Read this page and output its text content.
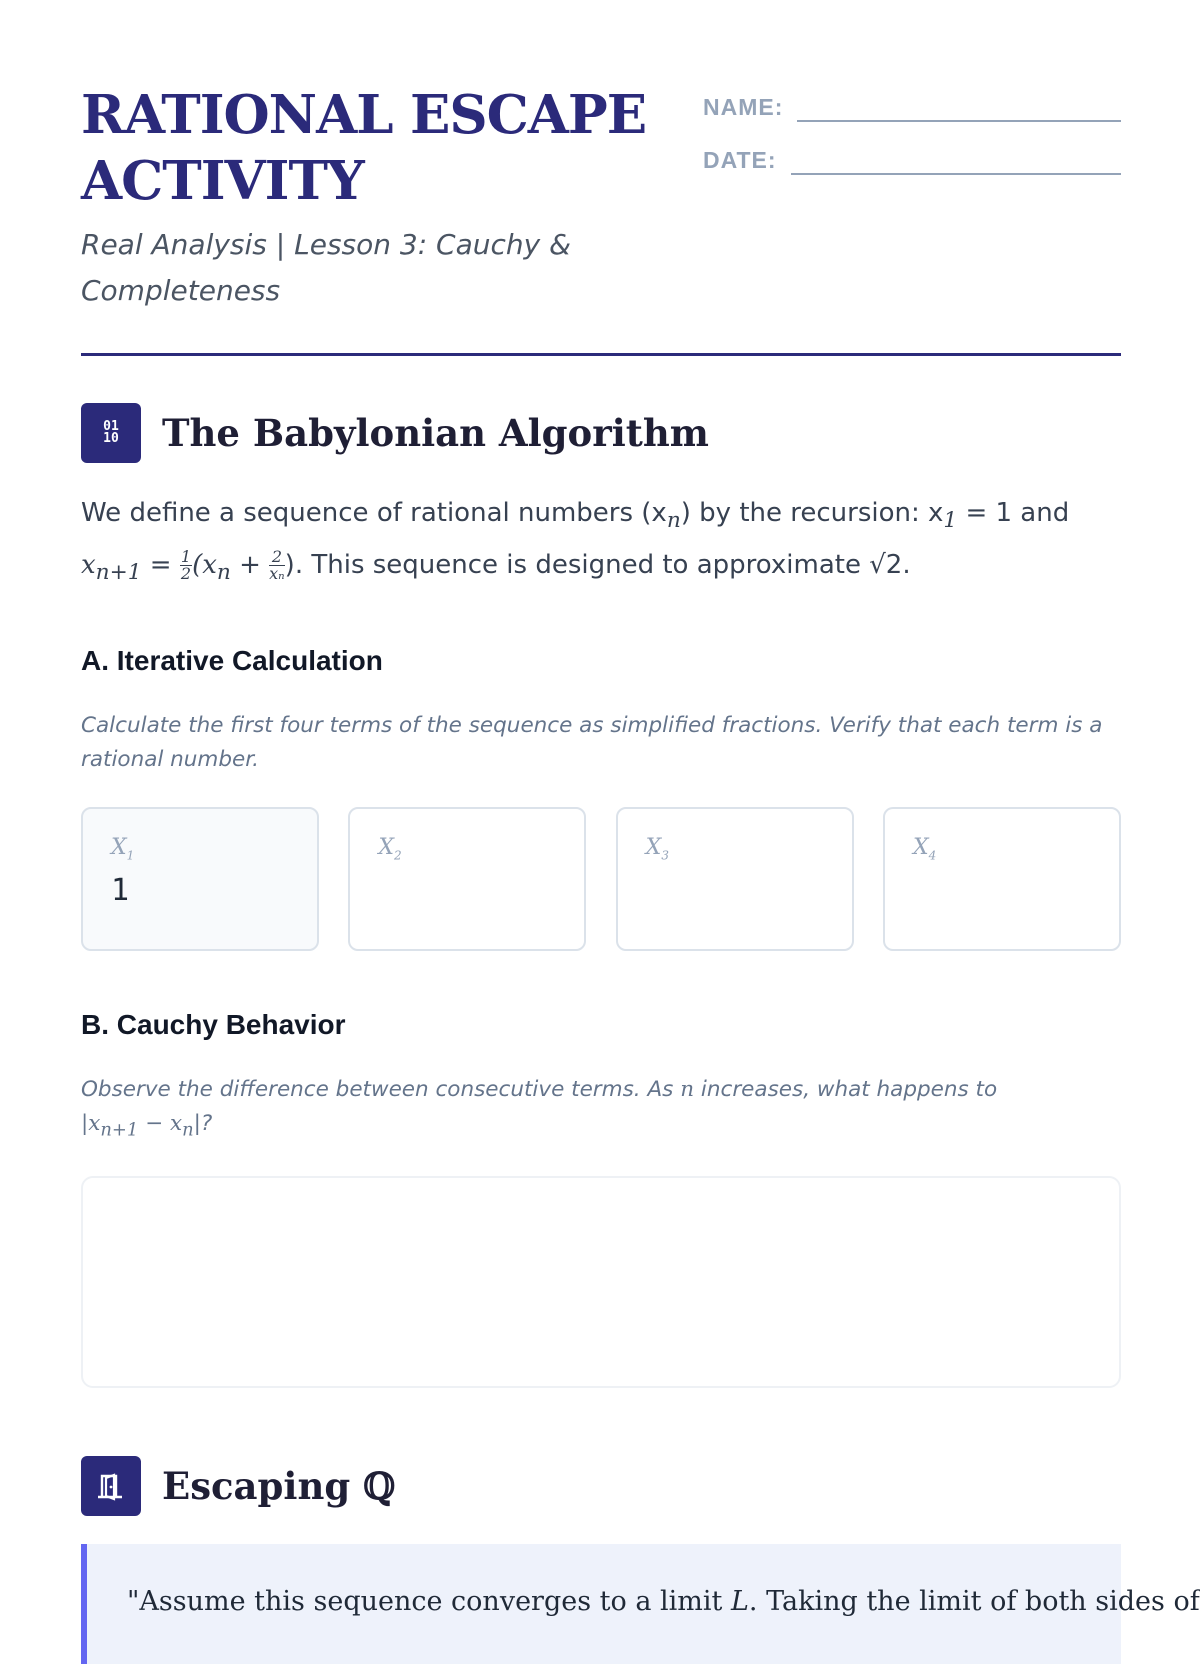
RATIONAL ESCAPE
ACTIVITY
Real Analysis | Lesson 3: Cauchy & Completeness
NAME:
DATE:
01
10 The Babylonian Algorithm

We define a sequence of rational numbers $(x_n)$ by the recursion: $x_1 = 1$ and
$x_{n+1} = \frac{1}{2} (x_n + \frac{2}{\text{xₙ}}$ ). This sequence is designed to approximate √2.

A. Iterative Calculation

Calculate the first four terms of the sequence as simplified fractions. Verify that each term is a rational number.

$X_1$
1
$X_2$	$X_3$	$X_4$
B. Cauchy Behavior

Observe the difference between consecutive terms. As n increases, what happens to
$|x_{n+1} - x_n|$?

Escaping ℚ
"Assume this sequence converges to a limit L. Taking the limit of both sides of
